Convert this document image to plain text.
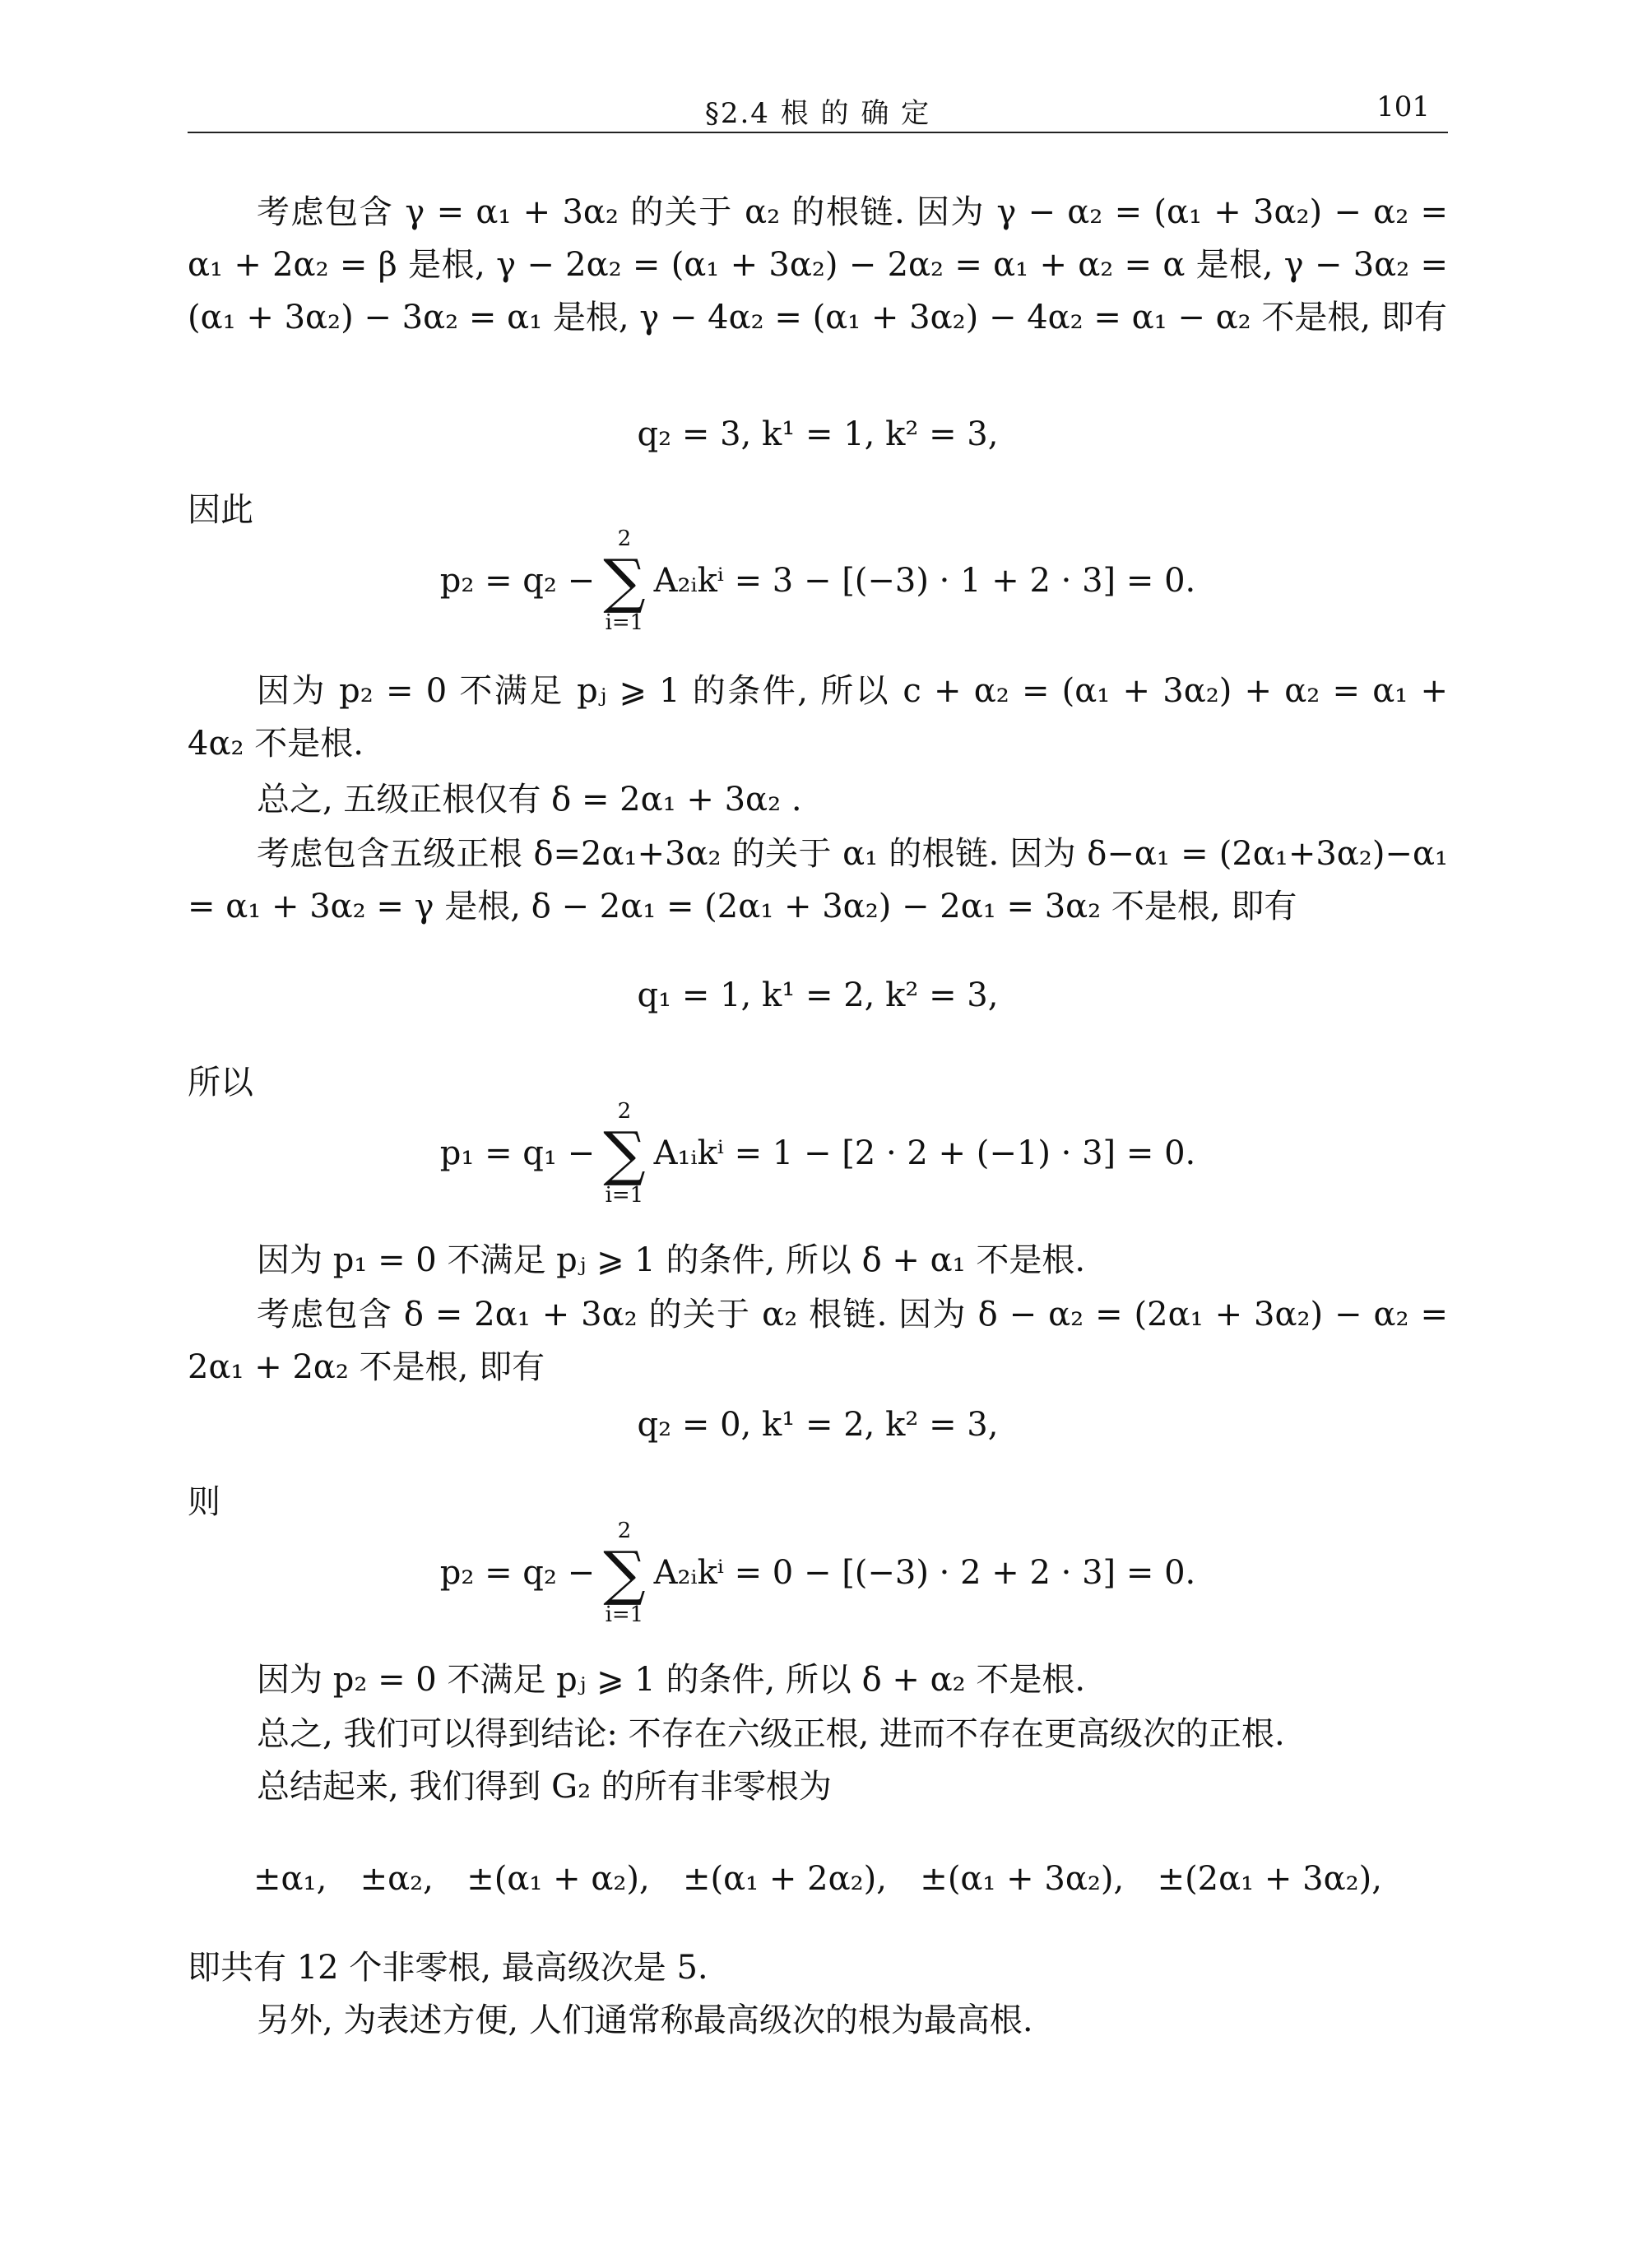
§2.4 根 的 确 定	101
考虑包含 γ = α₁ + 3α₂ 的关于 α₂ 的根链. 因为 γ − α₂ = (α₁ + 3α₂) − α₂ = α₁ + 2α₂ = β 是根, γ − 2α₂ = (α₁ + 3α₂) − 2α₂ = α₁ + α₂ = α 是根, γ − 3α₂ = (α₁ + 3α₂) − 3α₂ = α₁ 是根, γ − 4α₂ = (α₁ + 3α₂) − 4α₂ = α₁ − α₂ 不是根, 即有
q₂ = 3, k¹ = 1, k² = 3,
因此
p₂ = q₂ −
2
∑
i=1
A₂ᵢkⁱ = 3 − [(−3) · 1 + 2 · 3] = 0.
因为 p₂ = 0 不满足 pⱼ ⩾ 1 的条件, 所以 c + α₂ = (α₁ + 3α₂) + α₂ = α₁ + 4α₂ 不是根.
总之, 五级正根仅有 δ = 2α₁ + 3α₂ .
考虑包含五级正根 δ=2α₁+3α₂ 的关于 α₁ 的根链. 因为 δ−α₁ = (2α₁+3α₂)−α₁ = α₁ + 3α₂ = γ 是根, δ − 2α₁ = (2α₁ + 3α₂) − 2α₁ = 3α₂ 不是根, 即有
q₁ = 1, k¹ = 2, k² = 3,
所以
p₁ = q₁ −
2
∑
i=1
A₁ᵢkⁱ = 1 − [2 · 2 + (−1) · 3] = 0.
因为 p₁ = 0 不满足 pⱼ ⩾ 1 的条件, 所以 δ + α₁ 不是根.
考虑包含 δ = 2α₁ + 3α₂ 的关于 α₂ 根链. 因为 δ − α₂ = (2α₁ + 3α₂) − α₂ = 2α₁ + 2α₂ 不是根, 即有
q₂ = 0, k¹ = 2, k² = 3,
则
p₂ = q₂ −
2
∑
i=1
A₂ᵢkⁱ = 0 − [(−3) · 2 + 2 · 3] = 0.
因为 p₂ = 0 不满足 pⱼ ⩾ 1 的条件, 所以 δ + α₂ 不是根.
总之, 我们可以得到结论: 不存在六级正根, 进而不存在更高级次的正根.
总结起来, 我们得到 G₂ 的所有非零根为
±α₁, ±α₂, ±(α₁ + α₂), ±(α₁ + 2α₂), ±(α₁ + 3α₂), ±(2α₁ + 3α₂),
即共有 12 个非零根, 最高级次是 5.
另外, 为表述方便, 人们通常称最高级次的根为最高根.
